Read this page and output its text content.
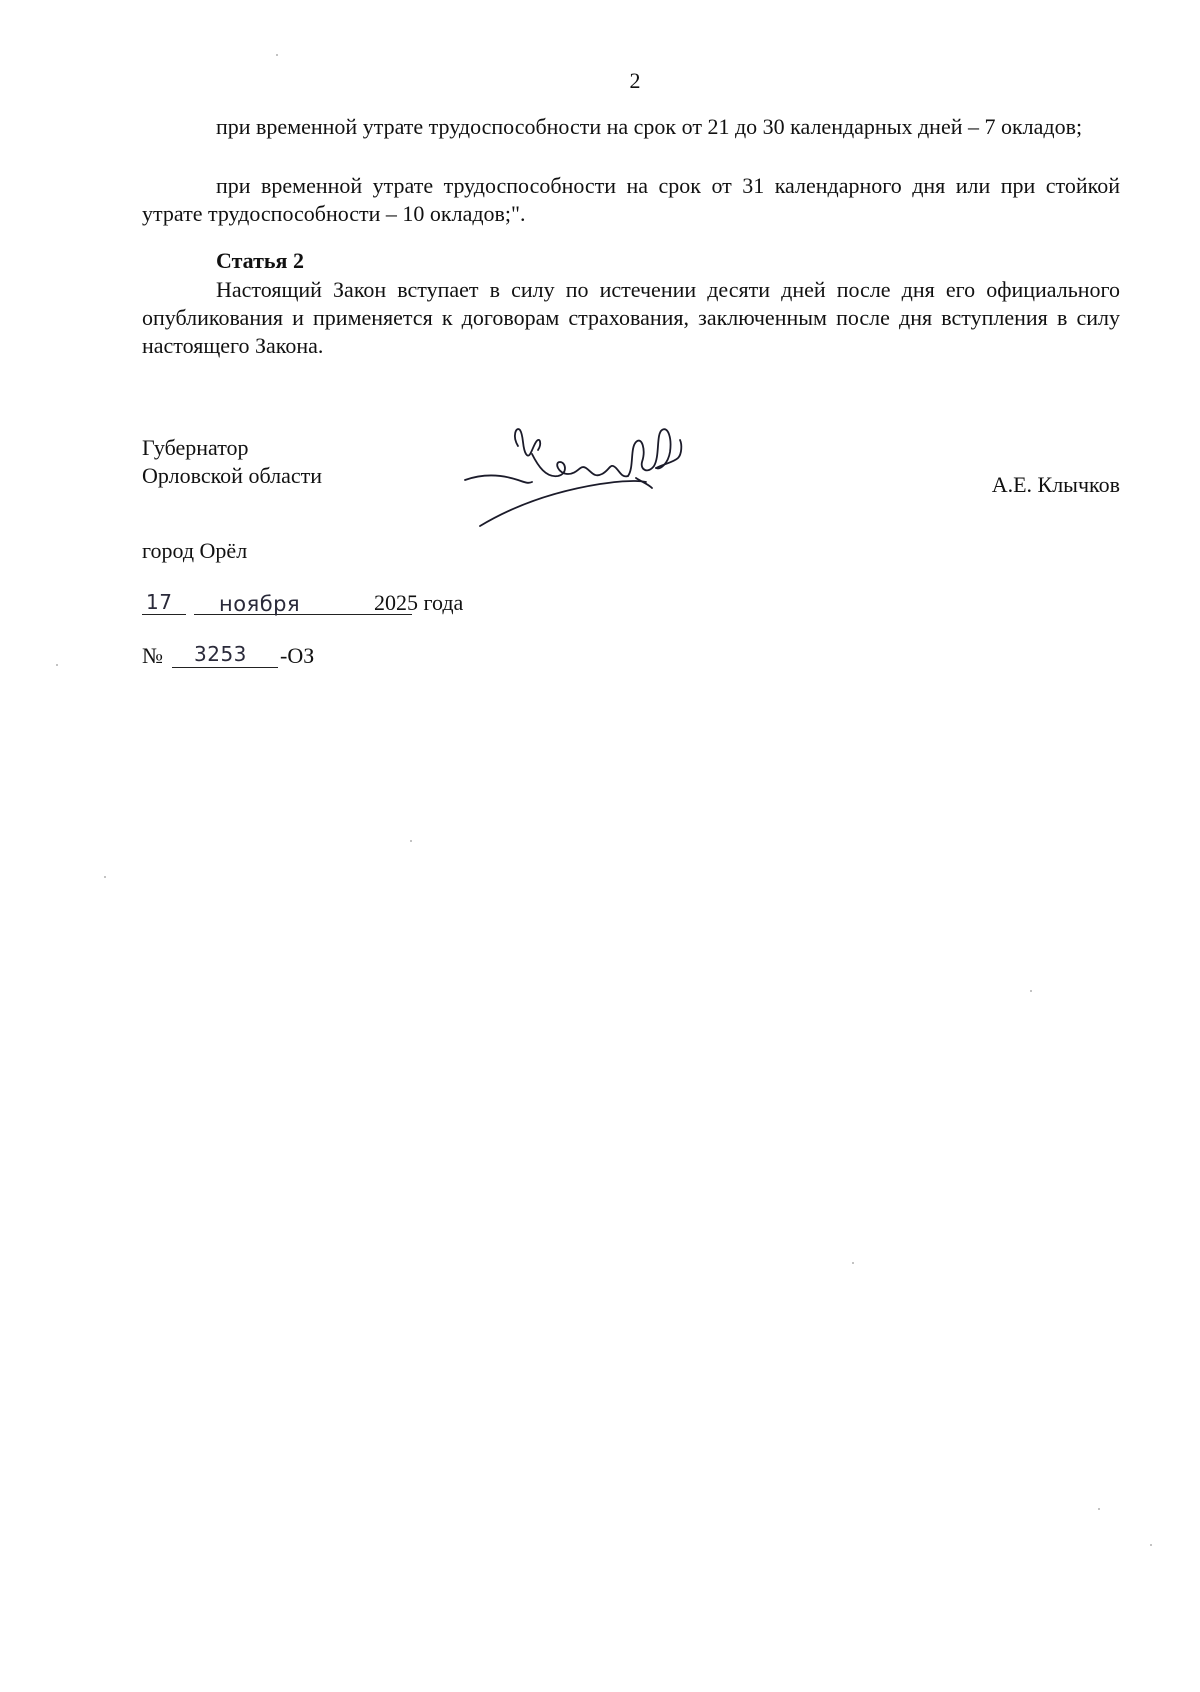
2

при временной утрате трудоспособности на срок от 21 до 30 календарных дней – 7 окладов;

при временной утрате трудоспособности на срок от 31 календарного дня или при стойкой утрате трудоспособности – 10 окладов;".

Статья 2

Настоящий Закон вступает в силу по истечении десяти дней после дня его официального опубликования и применяется к договорам страхования, заключенным после дня вступления в силу настоящего Закона.

Губернатор
Орловской области	А.Е. Клычков
город Орёл
17 ноября	2025 года
№ 3253 -ОЗ
